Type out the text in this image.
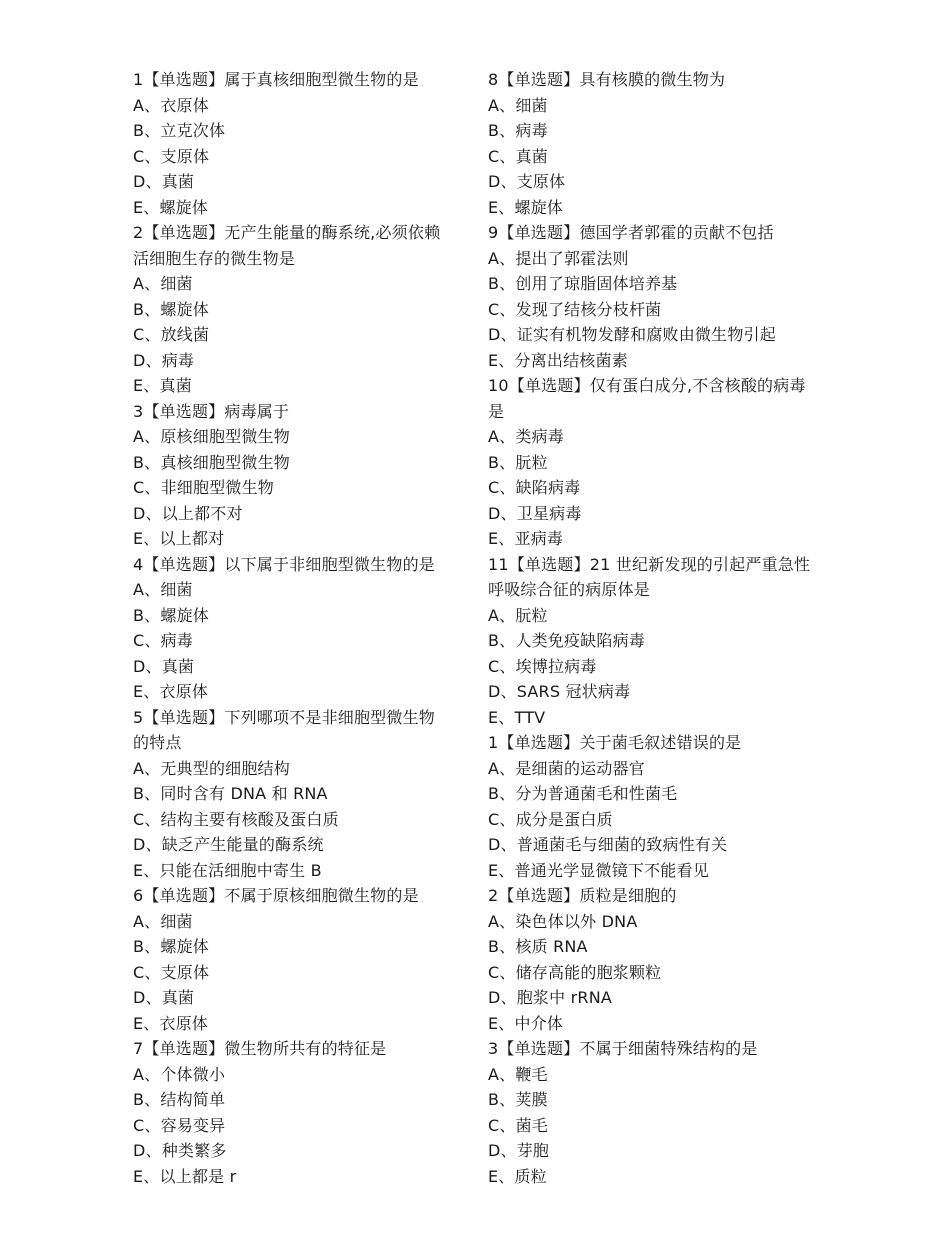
1【单选题】属于真核细胞型微生物的是
A、衣原体
B、立克次体
C、支原体
D、真菌
E、螺旋体
2【单选题】无产生能量的酶系统,必须依赖
活细胞生存的微生物是
A、细菌
B、螺旋体
C、放线菌
D、病毒
E、真菌
3【单选题】病毒属于
A、原核细胞型微生物
B、真核细胞型微生物
C、非细胞型微生物
D、以上都不对
E、以上都对
4【单选题】以下属于非细胞型微生物的是
A、细菌
B、螺旋体
C、病毒
D、真菌
E、衣原体
5【单选题】下列哪项不是非细胞型微生物
的特点
A、无典型的细胞结构
B、同时含有 DNA 和 RNA
C、结构主要有核酸及蛋白质
D、缺乏产生能量的酶系统
E、只能在活细胞中寄生 B
6【单选题】不属于原核细胞微生物的是
A、细菌
B、螺旋体
C、支原体
D、真菌
E、衣原体
7【单选题】微生物所共有的特征是
A、个体微小
B、结构简单
C、容易变异
D、种类繁多
E、以上都是 r
8【单选题】具有核膜的微生物为
A、细菌
B、病毒
C、真菌
D、支原体
E、螺旋体
9【单选题】德国学者郭霍的贡献不包括
A、提出了郭霍法则
B、创用了琼脂固体培养基
C、发现了结核分枝杆菌
D、证实有机物发酵和腐败由微生物引起
E、分离出结核菌素
10【单选题】仅有蛋白成分,不含核酸的病毒
是
A、类病毒
B、朊粒
C、缺陷病毒
D、卫星病毒
E、亚病毒
11【单选题】21 世纪新发现的引起严重急性
呼吸综合征的病原体是
A、朊粒
B、人类免疫缺陷病毒
C、埃博拉病毒
D、SARS 冠状病毒
E、TTV
1【单选题】关于菌毛叙述错误的是
A、是细菌的运动器官
B、分为普通菌毛和性菌毛
C、成分是蛋白质
D、普通菌毛与细菌的致病性有关
E、普通光学显微镜下不能看见
2【单选题】质粒是细胞的
A、染色体以外 DNA
B、核质 RNA
C、储存高能的胞浆颗粒
D、胞浆中 rRNA
E、中介体
3【单选题】不属于细菌特殊结构的是
A、鞭毛
B、荚膜
C、菌毛
D、芽胞
E、质粒
